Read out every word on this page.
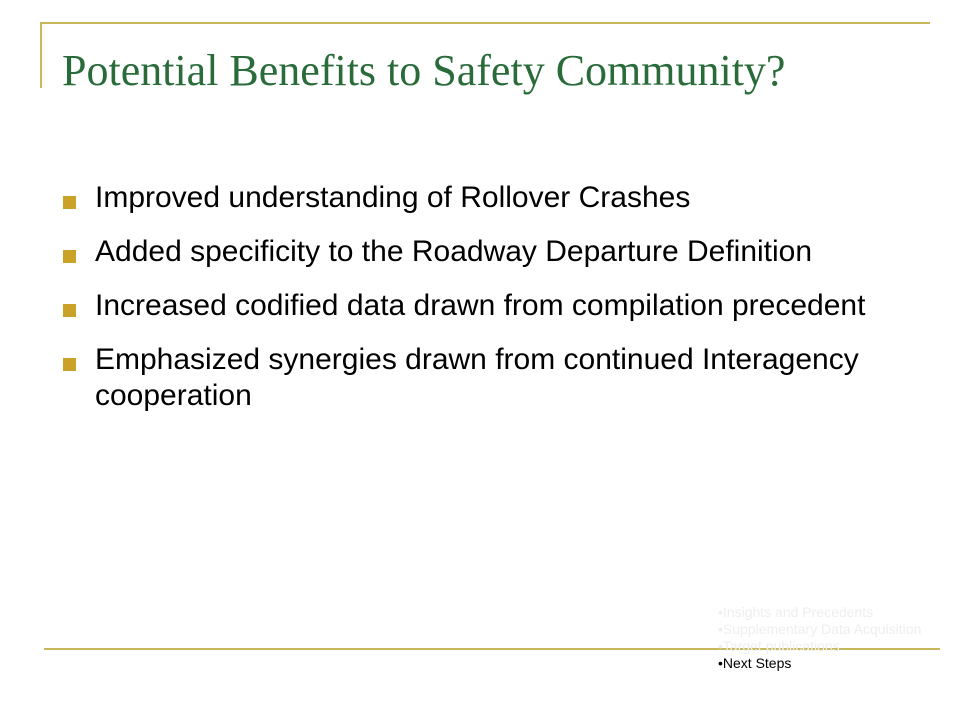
Potential Benefits to Safety Community?
Improved understanding of Rollover Crashes
Added specificity to the Roadway Departure Definition
Increased codified data drawn from compilation precedent
Emphasized synergies drawn from continued Interagency cooperation
•Insights and Precedents
•Supplementary Data Acquisition
•Target publications
•Next Steps
